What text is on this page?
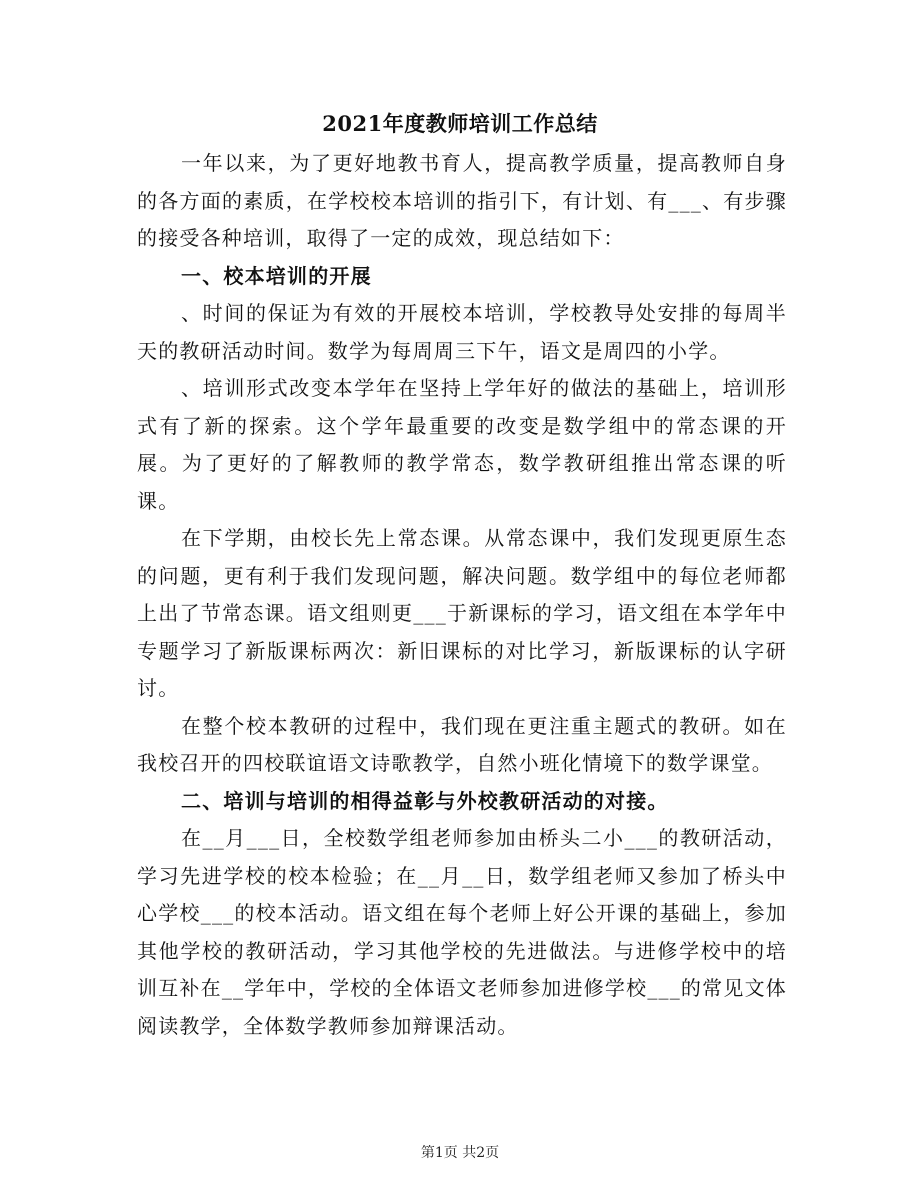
2021年度教师培训工作总结

一年以来，为了更好地教书育人，提高教学质量，提高教师自身的各方面的素质，在学校校本培训的指引下，有计划、有___、有步骤的接受各种培训，取得了一定的成效，现总结如下：

一、校本培训的开展

、时间的保证为有效的开展校本培训，学校教导处安排的每周半天的教研活动时间。数学为每周周三下午，语文是周四的小学。

、培训形式改变本学年在坚持上学年好的做法的基础上，培训形式有了新的探索。这个学年最重要的改变是数学组中的常态课的开展。为了更好的了解教师的教学常态，数学教研组推出常态课的听课。

在下学期，由校长先上常态课。从常态课中，我们发现更原生态的问题，更有利于我们发现问题，解决问题。数学组中的每位老师都上出了节常态课。语文组则更___于新课标的学习，语文组在本学年中专题学习了新版课标两次：新旧课标的对比学习，新版课标的认字研讨。

在整个校本教研的过程中，我们现在更注重主题式的教研。如在我校召开的四校联谊语文诗歌教学，自然小班化情境下的数学课堂。

二、培训与培训的相得益彰与外校教研活动的对接。

在__月___日，全校数学组老师参加由桥头二小___的教研活动，学习先进学校的校本检验；在__月__日，数学组老师又参加了桥头中心学校___的校本活动。语文组在每个老师上好公开课的基础上，参加其他学校的教研活动，学习其他学校的先进做法。与进修学校中的培训互补在__学年中，学校的全体语文老师参加进修学校___的常见文体阅读教学，全体数学教师参加辩课活动。

第1页 共2页
